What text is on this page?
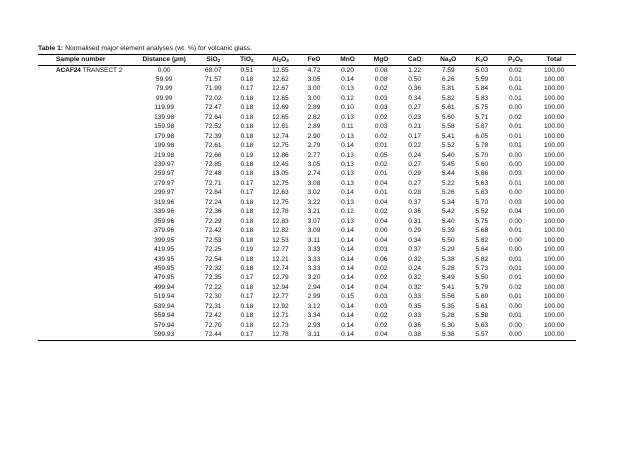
Table 1: Normalised major element analyses (wt. %) for volcanic glass.
Sample number	Distance (µm)	SiO$_2$	TiO$_2$	$Al_2O_3$	FeO	MnO	MgO	CaO	$Na_2O$	$K_2O$	$P_2O_5$	Total
ACAF24 TRANSECT 2	0.00	68.07	0.51	12.55	4.72	0.20	0.08	1.22	7.59	5.03	0.02	100.00
	59.99	71.57	0.18	12.62	3.05	0.14	0.08	0.50	6.26	5.59	0.01	100.00
	79.99	71.99	0.17	12.67	3.00	0.13	0.02	0.36	5.81	5.84	0.01	100.00
	99.99	72.02	0.18	12.65	3.00	0.12	0.03	0.34	5.82	5.83	0.01	100.00
	119.99	72.47	0.18	12.69	2.89	0.10	0.03	0.27	5.61	5.75	0.00	100.00
	139.98	72.64	0.18	12.65	2.82	0.13	0.02	0.23	5.60	5.71	0.02	100.00
	159.98	72.52	0.18	12.61	2.89	0.11	0.03	0.21	5.58	5.87	0.01	100.00
	179.98	72.39	0.18	12.74	2.90	0.13	0.02	0.17	5.41	6.05	0.01	100.00
	199.98	72.61	0.18	12.75	2.79	0.14	0.01	0.22	5.52	5.78	0.01	100.00
	219.98	72.66	0.19	12.86	2.77	0.13	0.05	0.24	5.40	5.70	0.00	100.00
	239.97	72.85	0.18	12.45	3.05	0.13	0.02	0.27	5.45	5.60	0.00	100.00
	259.97	72.48	0.18	13.05	2.74	0.13	0.01	0.29	5.44	5.66	0.03	100.00
	279.97	72.71	0.17	12.75	3.08	0.13	0.04	0.27	5.22	5.63	0.01	100.00
	299.97	72.84	0.17	12.63	3.02	0.14	0.01	0.28	5.26	5.63	0.00	100.00
	319.96	72.24	0.18	12.75	3.22	0.13	0.04	0.37	5.34	5.70	0.03	100.00
	339.96	72.36	0.18	12.78	3.21	0.12	0.02	0.36	5.42	5.52	0.04	100.00
	359.96	72.29	0.18	12.83	3.07	0.13	0.04	0.31	5.40	5.75	0.00	100.00
	379.96	72.42	0.18	12.82	3.09	0.14	0.00	0.29	5.39	5.68	0.01	100.00
	399.95	72.53	0.18	12.53	3.11	0.14	0.04	0.34	5.50	5.62	0.00	100.00
	419.95	72.25	0.19	12.77	3.33	0.14	0.03	0.37	5.29	5.64	0.00	100.00
	439.95	72.54	0.18	12.21	3.33	0.14	0.06	0.32	5.38	5.82	0.01	100.00
	459.95	72.32	0.18	12.74	3.33	0.14	0.02	0.24	5.28	5.73	0.01	100.00
	479.95	72.35	0.17	12.79	3.20	0.14	0.02	0.32	5.49	5.50	0.01	100.00
	499.94	72.22	0.18	12.94	2.94	0.14	0.04	0.32	5.41	5.79	0.02	100.00
	519.94	72.30	0.17	12.77	2.99	0.15	0.03	0.33	5.56	5.69	0.01	100.00
	539.94	72.31	0.18	12.92	3.12	0.14	0.03	0.35	5.35	5.61	0.00	100.00
	559.94	72.42	0.18	12.71	3.34	0.14	0.02	0.33	5.28	5.58	0.01	100.00
	579.94	72.70	0.18	12.73	2.93	0.14	0.02	0.36	5.30	5.63	0.00	100.00
	599.93	72.44	0.17	12.78	3.11	0.14	0.04	0.38	5.38	5.57	0.00	100.00
